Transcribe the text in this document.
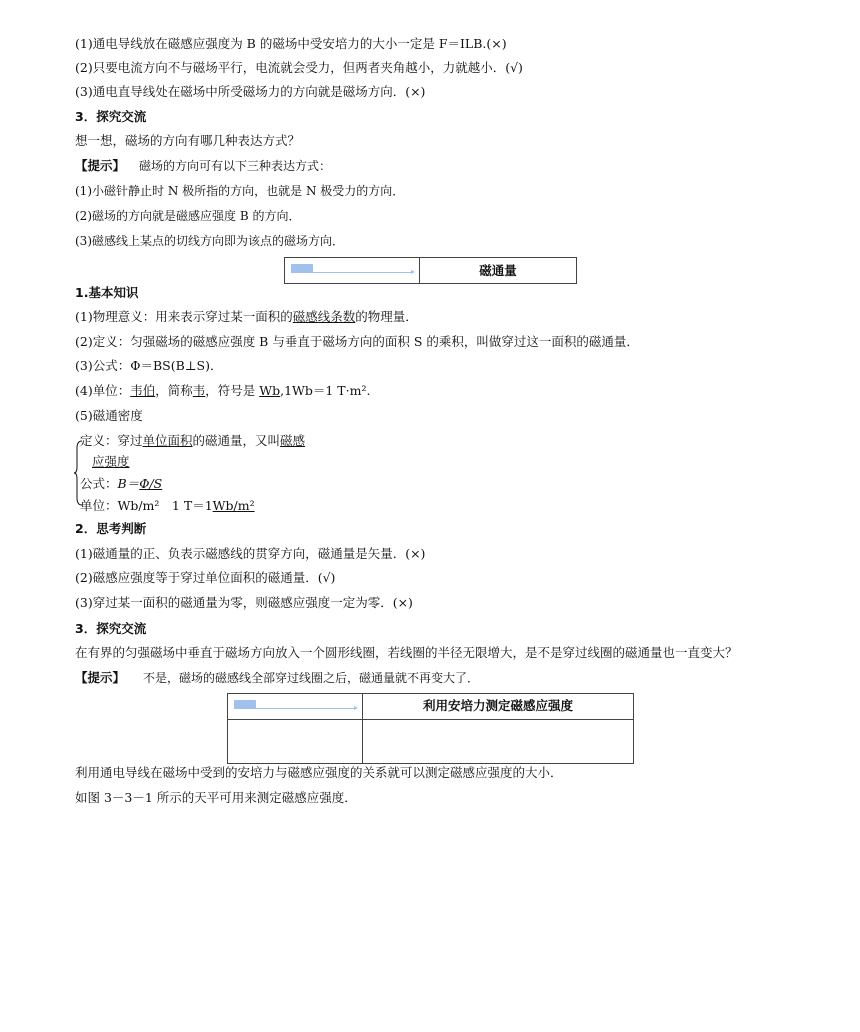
(1)通电导线放在磁感应强度为 B 的磁场中受安培力的大小一定是 F＝ILB.(×)
(2)只要电流方向不与磁场平行，电流就会受力，但两者夹角越小，力就越小．(√)
(3)通电直导线处在磁场中所受磁场力的方向就是磁场方向．(×)
3．探究交流
想一想，磁场的方向有哪几种表达方式？
【提示】 磁场的方向可有以下三种表达方式：
(1)小磁针静止时 N 极所指的方向，也就是 N 极受力的方向．
(2)磁场的方向就是磁感应强度 B 的方向．
(3)磁感线上某点的切线方向即为该点的磁场方向．
磁通量
1.基本知识
(1)物理意义：用来表示穿过某一面积的磁感线条数的物理量．
(2)定义：匀强磁场的磁感应强度 B 与垂直于磁场方向的面积 S 的乘积，叫做穿过这一面积的磁通量．
(3)公式：Φ＝BS(B⊥S)．
(4)单位：韦伯，简称韦，符号是 Wb,1Wb＝1 T·m².
(5)磁通密度
定义：穿过单位面积的磁通量，又叫磁感
应强度
公式：B＝Φ/S
单位：Wb/m²　1 T＝1Wb/m²
2．思考判断
(1)磁通量的正、负表示磁感线的贯穿方向，磁通量是矢量．(×)
(2)磁感应强度等于穿过单位面积的磁通量．(√)
(3)穿过某一面积的磁通量为零，则磁感应强度一定为零．(×)
3．探究交流
在有界的匀强磁场中垂直于磁场方向放入一个圆形线圈，若线圈的半径无限增大，是不是穿过线圈的磁通量也一直变大？
【提示】 不是，磁场的磁感线全部穿过线圈之后，磁通量就不再变大了．
利用安培力测定磁感应强度
利用通电导线在磁场中受到的安培力与磁感应强度的关系就可以测定磁感应强度的大小．
如图 3－3－1 所示的天平可用来测定磁感应强度．
